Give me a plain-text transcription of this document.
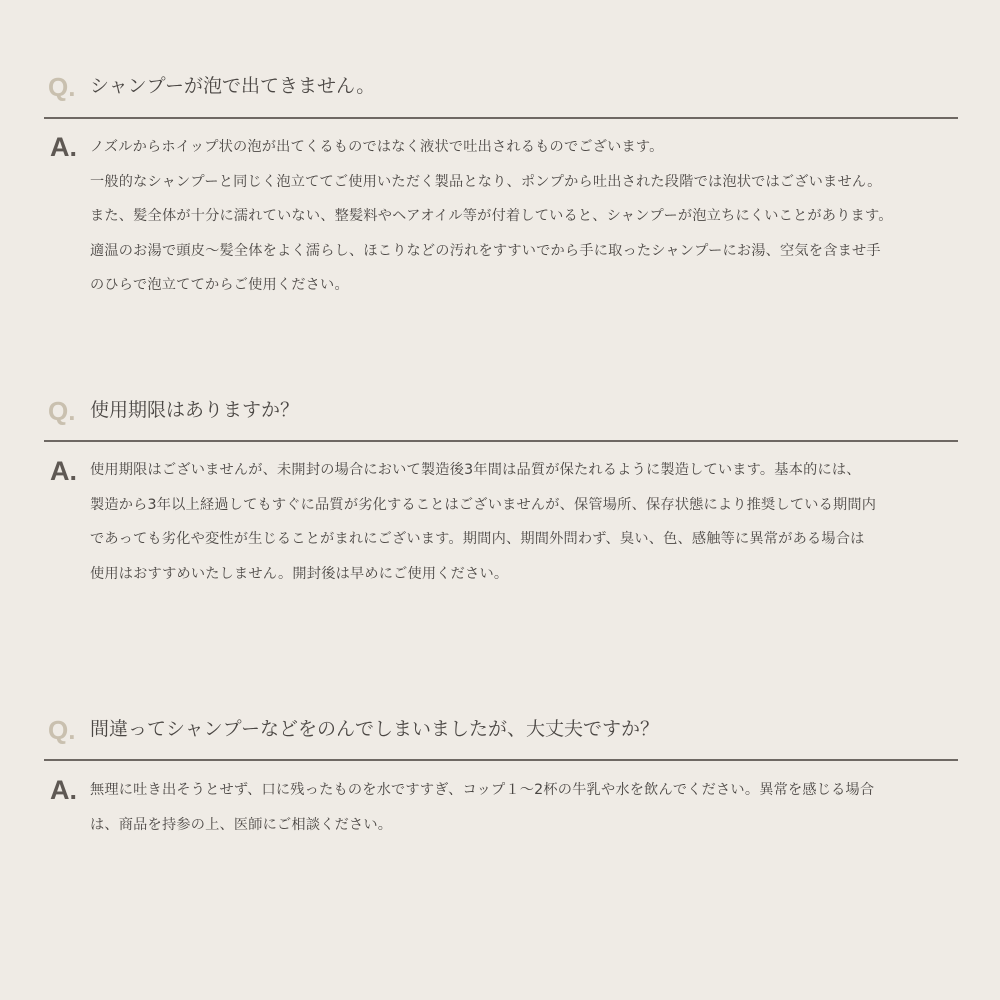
Q. シャンプーが泡で出てきません。
A. ノズルからホイップ状の泡が出てくるものではなく液状で吐出されるものでございます。
一般的なシャンプーと同じく泡立ててご使用いただく製品となり、ポンプから吐出された段階では泡状ではございません。
また、髪全体が十分に濡れていない、整髪料やヘアオイル等が付着していると、シャンプーが泡立ちにくいことがあります。
適温のお湯で頭皮〜髪全体をよく濡らし、ほこりなどの汚れをすすいでから手に取ったシャンプーにお湯、空気を含ませ手
のひらで泡立ててからご使用ください。
Q. 使用期限はありますか？
A. 使用期限はございませんが、未開封の場合において製造後3年間は品質が保たれるように製造しています。基本的には、
製造から3年以上経過してもすぐに品質が劣化することはございませんが、保管場所、保存状態により推奨している期間内
であっても劣化や変性が生じることがまれにございます。期間内、期間外問わず、臭い、色、感触等に異常がある場合は
使用はおすすめいたしません。開封後は早めにご使用ください。
Q. 間違ってシャンプーなどをのんでしまいましたが、大丈夫ですか？
A. 無理に吐き出そうとせず、口に残ったものを水ですすぎ、コップ１〜2杯の牛乳や水を飲んでください。異常を感じる場合
は、商品を持参の上、医師にご相談ください。
